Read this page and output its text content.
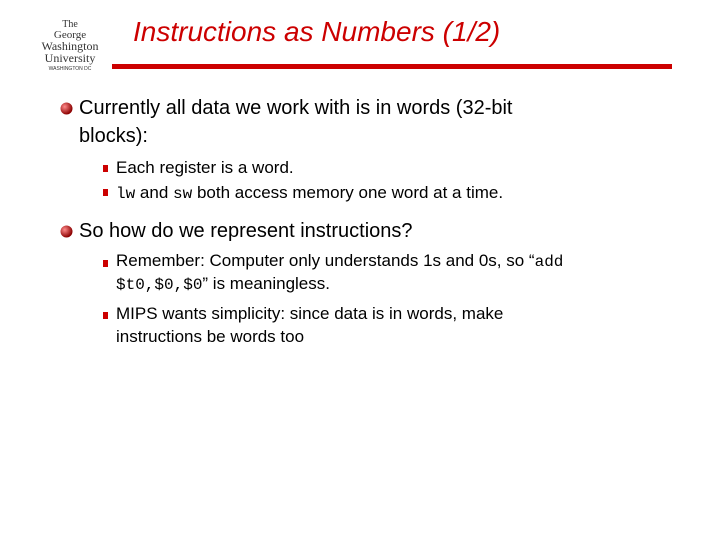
The
George
Washington
University
WASHINGTON DC
Instructions as Numbers (1/2)
Currently all data we work with is in words (32-bit
blocks):
Each register is a word.
lw and sw both access memory one word at a time.
So how do we represent instructions?
Remember: Computer only understands 1s and 0s, so “add
$t0,$0,$0” is meaningless.
MIPS wants simplicity: since data is in words, make
instructions be words too
